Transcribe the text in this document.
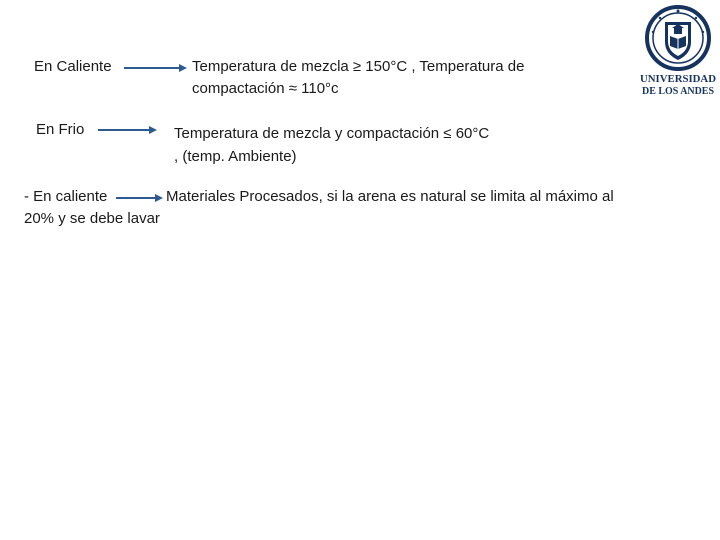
En Caliente	Temperatura de mezcla ≥ 150°C , Temperatura de
compactación ≈ 110°c
En Frio	Temperatura de mezcla y compactación ≤ 60°C
, (temp. Ambiente)
- En caliente	Materiales Procesados, si la arena es natural se limita al máximo al
20% y se debe lavar
UNIVERSIDAD
DE LOS ANDES
